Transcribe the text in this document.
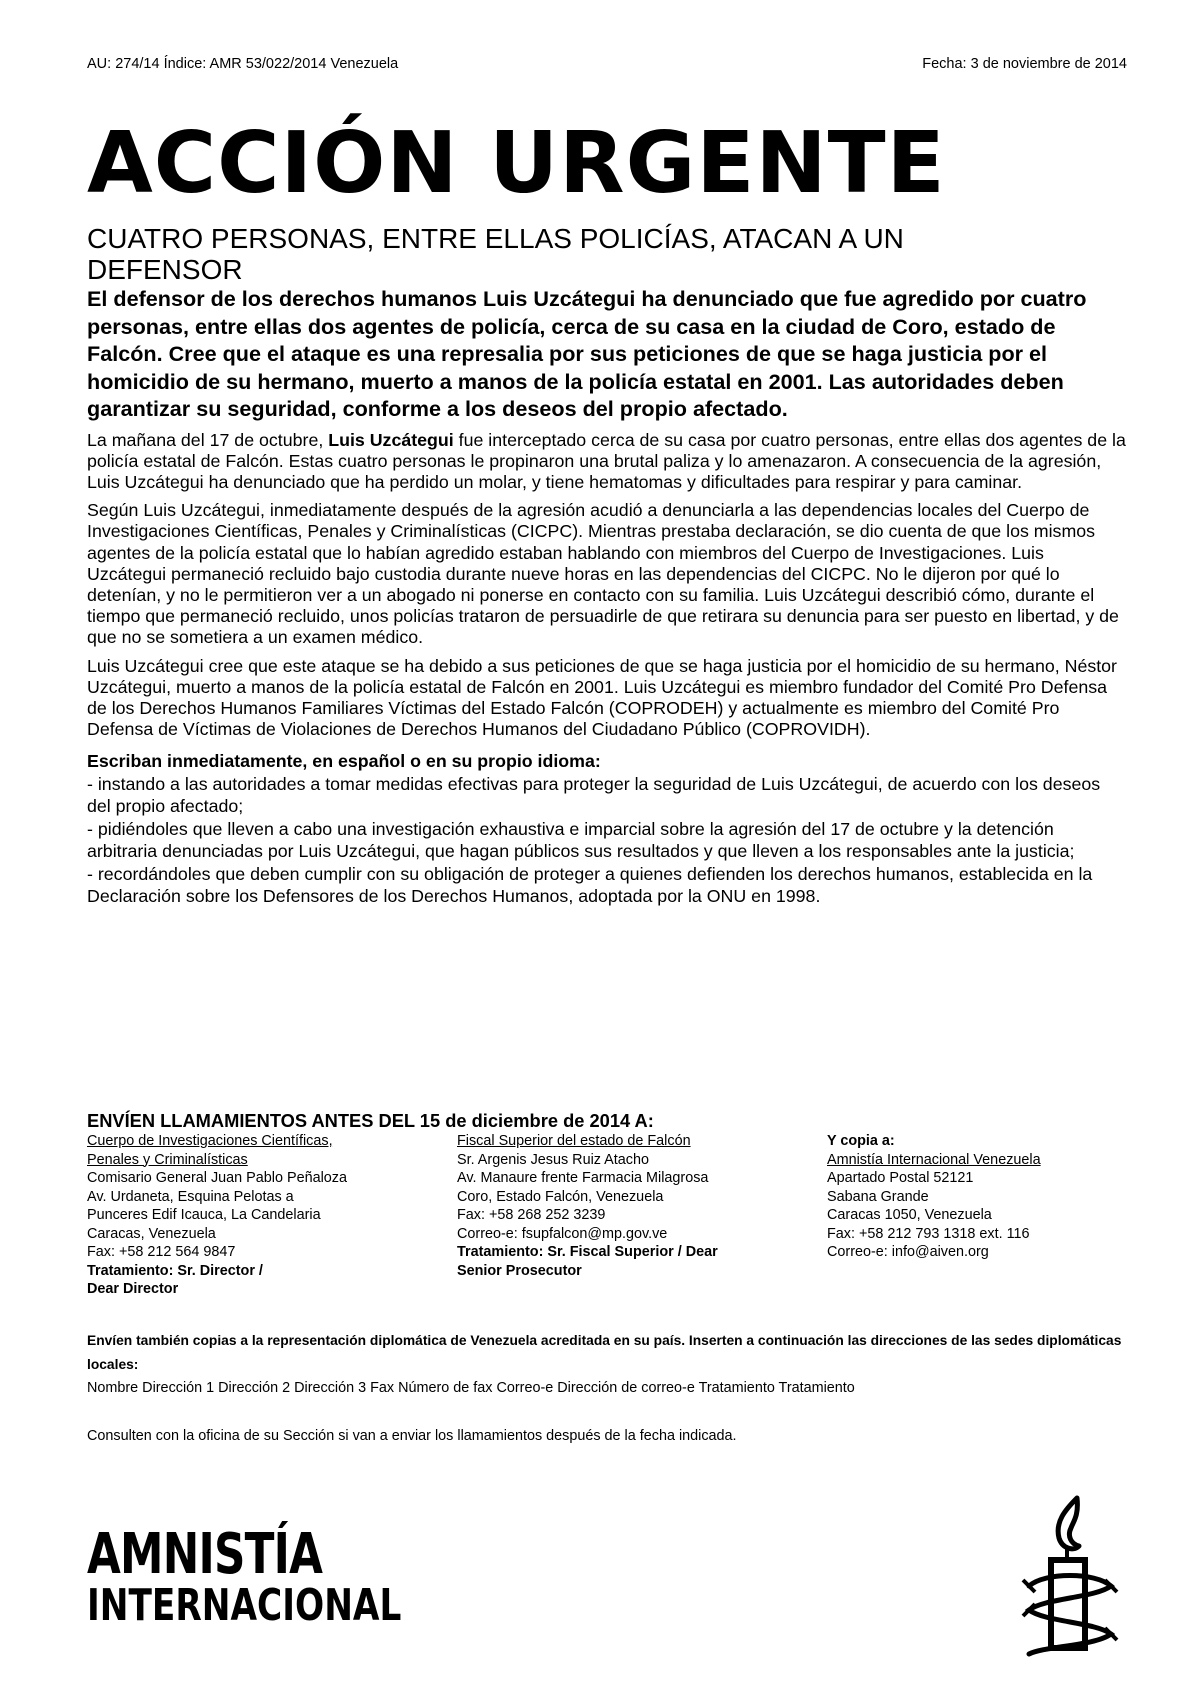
AU: 274/14 Índice: AMR 53/022/2014 Venezuela	Fecha: 3 de noviembre de 2014
ACCIÓN URGENTE
CUATRO PERSONAS, ENTRE ELLAS POLICÍAS, ATACAN A UN DEFENSOR
El defensor de los derechos humanos Luis Uzcátegui ha denunciado que fue agredido por cuatro personas, entre ellas dos agentes de policía, cerca de su casa en la ciudad de Coro, estado de Falcón. Cree que el ataque es una represalia por sus peticiones de que se haga justicia por el homicidio de su hermano, muerto a manos de la policía estatal en 2001. Las autoridades deben garantizar su seguridad, conforme a los deseos del propio afectado.
La mañana del 17 de octubre, Luis Uzcátegui fue interceptado cerca de su casa por cuatro personas, entre ellas dos agentes de la policía estatal de Falcón. Estas cuatro personas le propinaron una brutal paliza y lo amenazaron. A consecuencia de la agresión, Luis Uzcátegui ha denunciado que ha perdido un molar, y tiene hematomas y dificultades para respirar y para caminar.
Según Luis Uzcátegui, inmediatamente después de la agresión acudió a denunciarla a las dependencias locales del Cuerpo de Investigaciones Científicas, Penales y Criminalísticas (CICPC). Mientras prestaba declaración, se dio cuenta de que los mismos agentes de la policía estatal que lo habían agredido estaban hablando con miembros del Cuerpo de Investigaciones. Luis Uzcátegui permaneció recluido bajo custodia durante nueve horas en las dependencias del CICPC. No le dijeron por qué lo detenían, y no le permitieron ver a un abogado ni ponerse en contacto con su familia. Luis Uzcátegui describió cómo, durante el tiempo que permaneció recluido, unos policías trataron de persuadirle de que retirara su denuncia para ser puesto en libertad, y de que no se sometiera a un examen médico.
Luis Uzcátegui cree que este ataque se ha debido a sus peticiones de que se haga justicia por el homicidio de su hermano, Néstor Uzcátegui, muerto a manos de la policía estatal de Falcón en 2001. Luis Uzcátegui es miembro fundador del Comité Pro Defensa de los Derechos Humanos Familiares Víctimas del Estado Falcón (COPRODEH) y actualmente es miembro del Comité Pro Defensa de Víctimas de Violaciones de Derechos Humanos del Ciudadano Público (COPROVIDH).
Escriban inmediatamente, en español o en su propio idioma:
- instando a las autoridades a tomar medidas efectivas para proteger la seguridad de Luis Uzcátegui, de acuerdo con los deseos del propio afectado;
- pidiéndoles que lleven a cabo una investigación exhaustiva e imparcial sobre la agresión del 17 de octubre y la detención arbitraria denunciadas por Luis Uzcátegui, que hagan públicos sus resultados y que lleven a los responsables ante la justicia;
- recordándoles que deben cumplir con su obligación de proteger a quienes defienden los derechos humanos, establecida en la Declaración sobre los Defensores de los Derechos Humanos, adoptada por la ONU en 1998.
ENVÍEN LLAMAMIENTOS ANTES DEL 15 de diciembre de 2014 A:
Cuerpo de Investigaciones Científicas,
Penales y Criminalísticas
Comisario General Juan Pablo Peñaloza
Av. Urdaneta, Esquina Pelotas a
Punceres Edif Icauca, La Candelaria
Caracas, Venezuela
Fax: +58 212 564 9847
Tratamiento: Sr. Director /
Dear Director
Fiscal Superior del estado de Falcón
Sr. Argenis Jesus Ruiz Atacho
Av. Manaure frente Farmacia Milagrosa
Coro, Estado Falcón, Venezuela
Fax: +58 268 252 3239
Correo-e: fsupfalcon@mp.gov.ve
Tratamiento: Sr. Fiscal Superior / Dear
Senior Prosecutor
Y copia a:
Amnistía Internacional Venezuela
Apartado Postal 52121
Sabana Grande
Caracas 1050, Venezuela
Fax: +58 212 793 1318 ext. 116
Correo-e: info@aiven.org
Envíen también copias a la representación diplomática de Venezuela acreditada en su país. Inserten a continuación las direcciones de las sedes diplomáticas locales:
Nombre Dirección 1 Dirección 2 Dirección 3 Fax Número de fax Correo-e Dirección de correo-e Tratamiento Tratamiento
Consulten con la oficina de su Sección si van a enviar los llamamientos después de la fecha indicada.
AMNISTÍA
INTERNACIONAL
